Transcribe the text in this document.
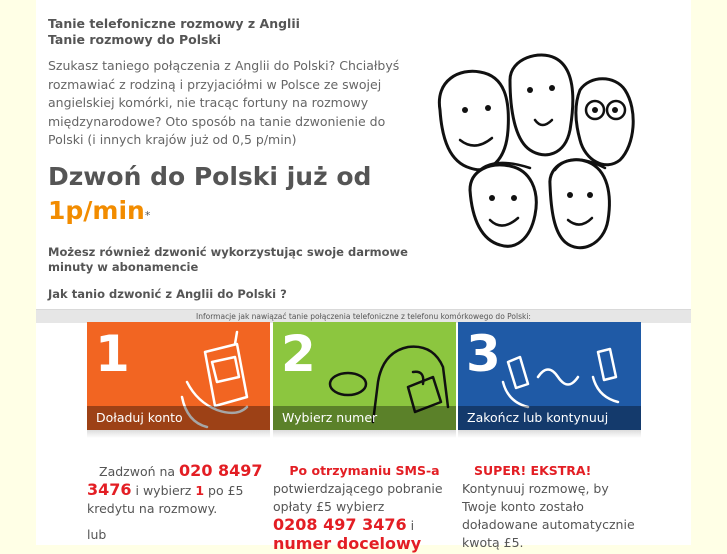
Tanie telefoniczne rozmowy z Anglii
Tanie rozmowy do Polski
Szukasz taniego połączenia z Anglii do Polski? Chciałbyś rozmawiać z rodziną i przyjaciółmi w Polsce ze swojej angielskiej komórki, nie tracąc fortuny na rozmowy międzynarodowe? Oto sposób na tanie dzwonienie do Polski (i innych krajów już od 0,5 p/min)
Dzwoń do Polski już od
1p/min*
Możesz również dzwonić wykorzystując swoje darmowe minuty w abonamencie
Jak tanio dzwonić z Anglii do Polski ?
Informacje jak nawiązać tanie połączenia telefoniczne z telefonu komórkowego do Polski:
1
Doładuj konto
2
Wybierz numer
3
Zakończ lub kontynuuj
Zadzwoń na 020 8497 3476 i wybierz 1 po £5 kredytu na rozmowy.
lub
Po otrzymaniu SMS-a
potwierdzającego pobranie opłaty £5 wybierz
0208 497 3476 i
numer docelowy
SUPER! EKSTRA!
Kontynuuj rozmowę, by Twoje konto zostało doładowane automatycznie kwotą £5.
